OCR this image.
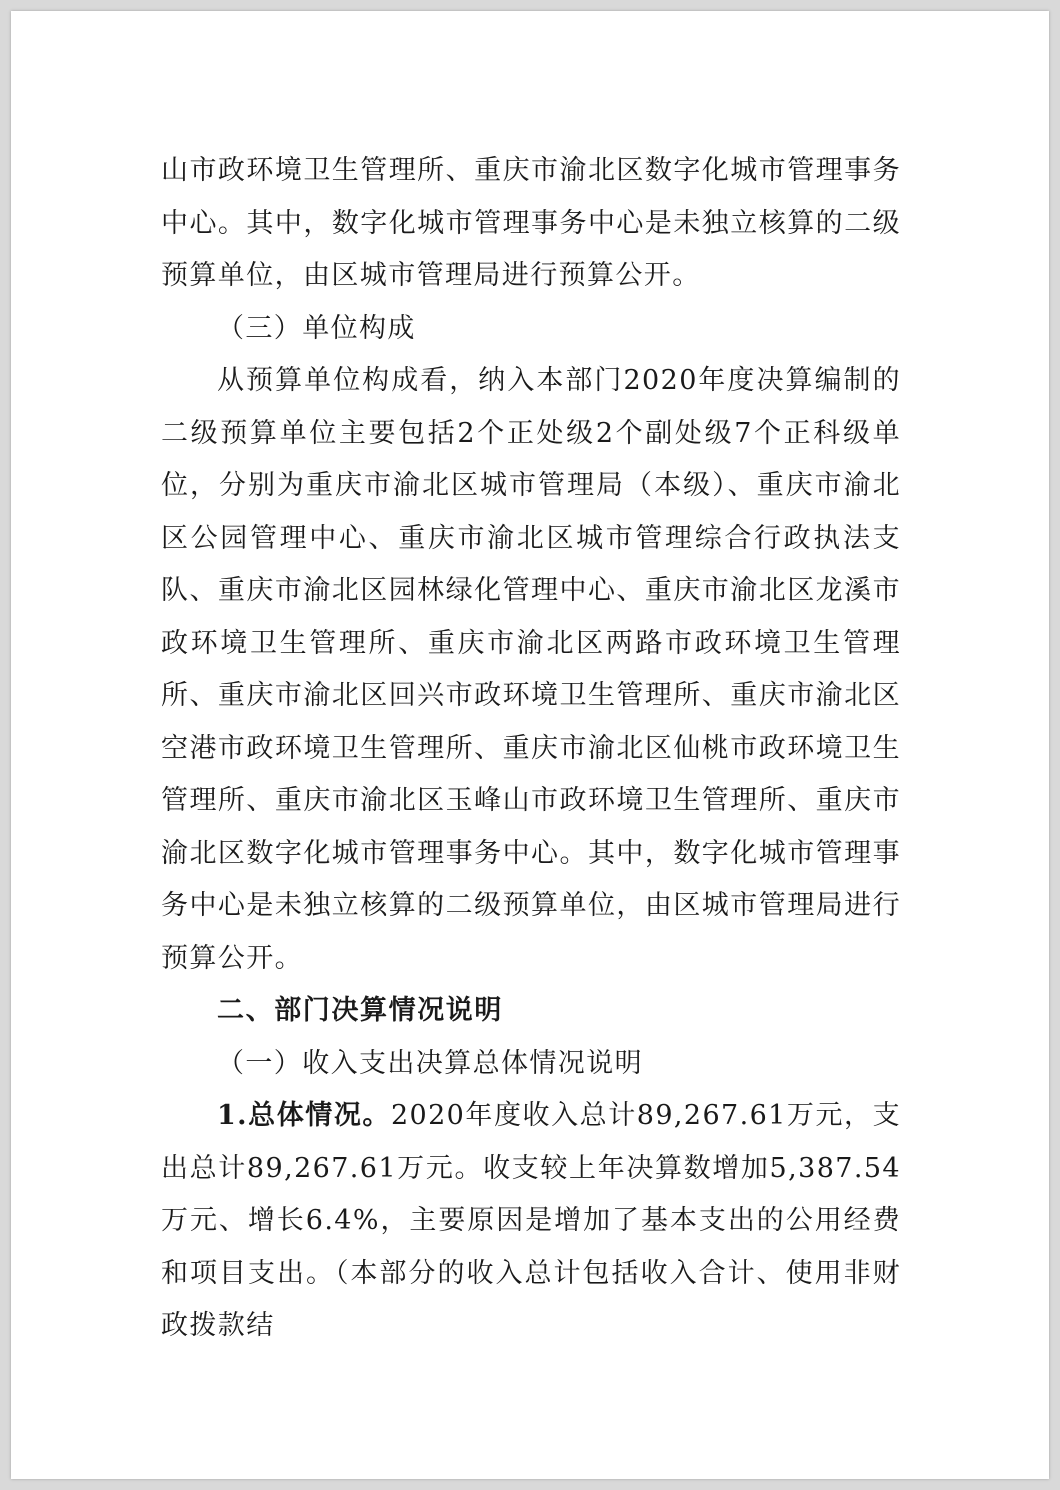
山市政环境卫生管理所、重庆市渝北区数字化城市管理事务中心。其中，数字化城市管理事务中心是未独立核算的二级预算单位，由区城市管理局进行预算公开。

（三）单位构成

从预算单位构成看，纳入本部门2020年度决算编制的二级预算单位主要包括2个正处级2个副处级7个正科级单位，分别为重庆市渝北区城市管理局（本级）、重庆市渝北区公园管理中心、重庆市渝北区城市管理综合行政执法支队、重庆市渝北区园林绿化管理中心、重庆市渝北区龙溪市政环境卫生管理所、重庆市渝北区两路市政环境卫生管理所、重庆市渝北区回兴市政环境卫生管理所、重庆市渝北区空港市政环境卫生管理所、重庆市渝北区仙桃市政环境卫生管理所、重庆市渝北区玉峰山市政环境卫生管理所、重庆市渝北区数字化城市管理事务中心。其中，数字化城市管理事务中心是未独立核算的二级预算单位，由区城市管理局进行预算公开。

二、部门决算情况说明

（一）收入支出决算总体情况说明

1.总体情况。2020年度收入总计89,267.61万元，支出总计89,267.61万元。收支较上年决算数增加5,387.54万元、增长6.4%，主要原因是增加了基本支出的公用经费和项目支出。（本部分的收入总计包括收入合计、使用非财政拨款结
